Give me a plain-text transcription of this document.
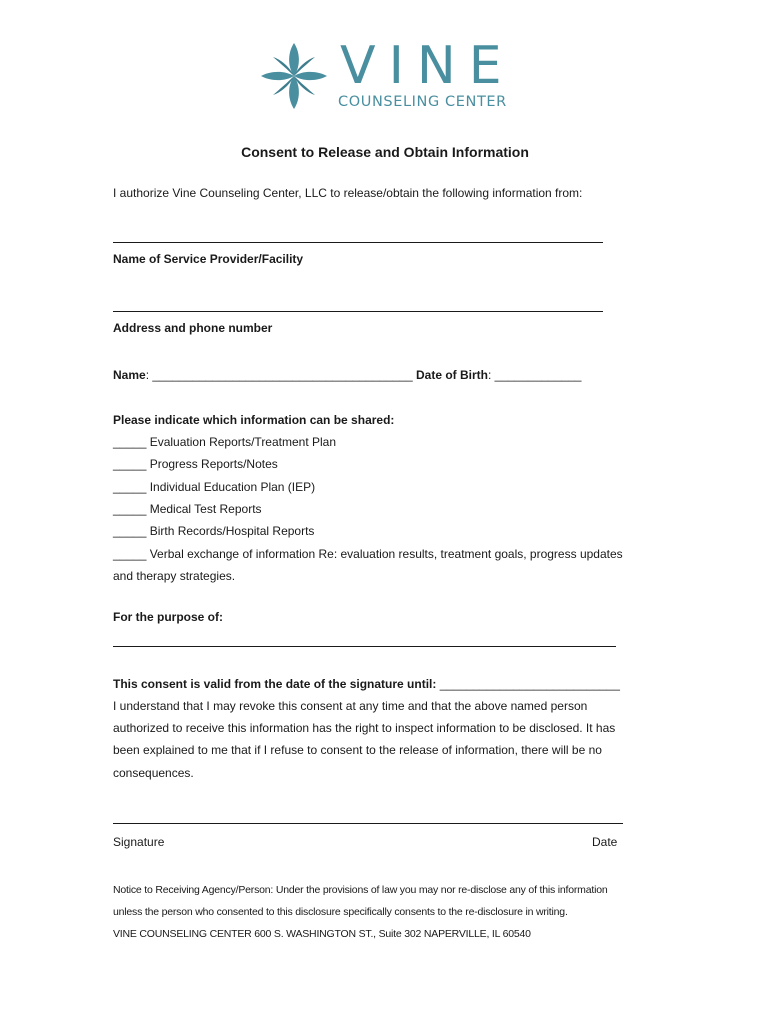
VINE
COUNSELING CENTER
Consent to Release and Obtain Information
I authorize Vine Counseling Center, LLC to release/obtain the following information from:
Name of Service Provider/Facility
Address and phone number
Name: _______________________________________ Date of Birth: _____________
Please indicate which information can be shared:
_____ Evaluation Reports/Treatment Plan
_____ Progress Reports/Notes
_____ Individual Education Plan (IEP)
_____ Medical Test Reports
_____ Birth Records/Hospital Reports
_____ Verbal exchange of information Re: evaluation results, treatment goals, progress updates
and therapy strategies.
For the purpose of:
This consent is valid from the date of the signature until: ___________________________
I understand that I may revoke this consent at any time and that the above named person
authorized to receive this information has the right to inspect information to be disclosed. It has
been explained to me that if I refuse to consent to the release of information, there will be no
consequences.
Signature	Date
Notice to Receiving Agency/Person: Under the provisions of law you may nor re-disclose any of this information
unless the person who consented to this disclosure specifically consents to the re-disclosure in writing.
VINE COUNSELING CENTER 600 S. WASHINGTON ST., Suite 302 NAPERVILLE, IL 60540
